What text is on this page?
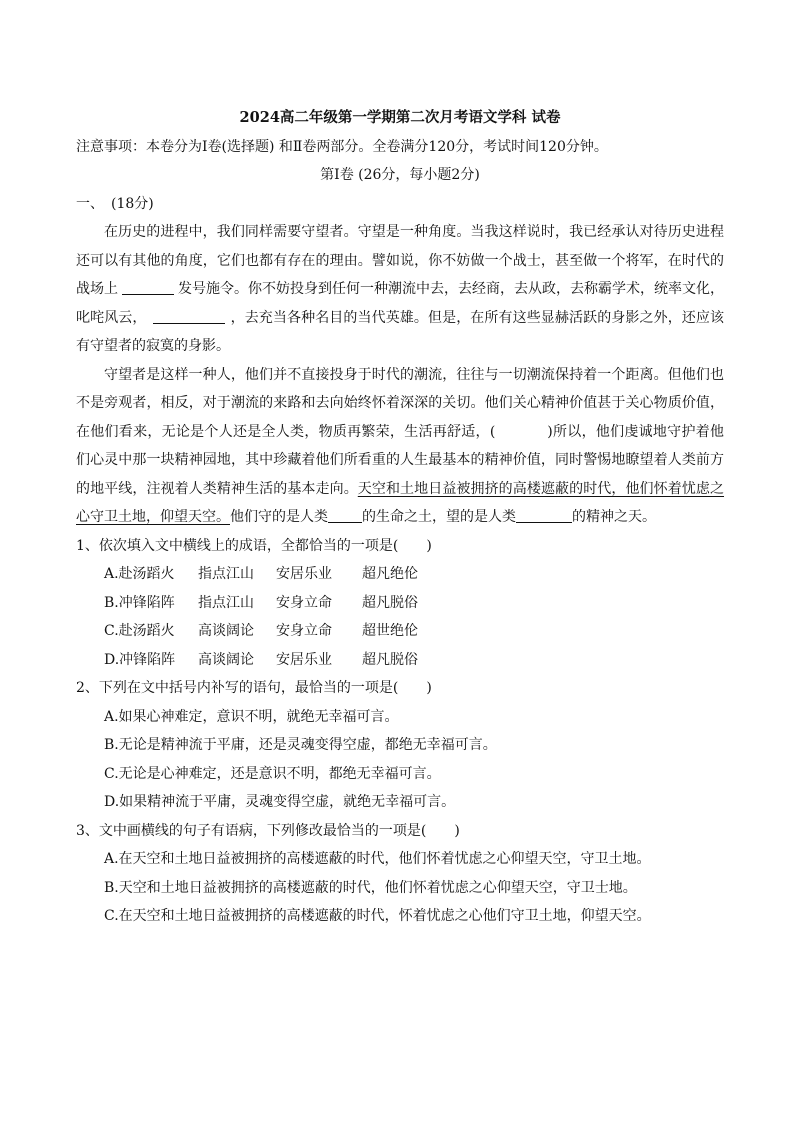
2024高二年级第一学期第二次月考语文学科 试卷

注意事项：本卷分为Ⅰ卷(选择题) 和Ⅱ卷两部分。全卷满分120分，考试时间120分钟。

第Ⅰ卷 (26分，每小题2分)

一、　(18分)

在历史的进程中，我们同样需要守望者。守望是一种角度。当我这样说时，我已经承认对待历史进程还可以有其他的角度，它们也都有存在的理由。譬如说，你不妨做一个战士，甚至做一个将军，在时代的战场上	发号施令。你不妨投身到任何一种潮流中去，去经商，去从政，去称霸学术，统率文化，叱咤风云，	，去充当各种名目的当代英雄。但是，在所有这些显赫活跃的身影之外，还应该有守望者的寂寞的身影。

守望者是这样一种人，他们并不直接投身于时代的潮流，往往与一切潮流保持着一个距离。但他们也不是旁观者，相反，对于潮流的来路和去向始终怀着深深的关切。他们关心精神价值甚于关心物质价值，在他们看来，无论是个人还是全人类，物质再繁荣，生活再舒适，(	)所以，他们虔诚地守护着他们心灵中那一块精神园地，其中珍藏着他们所看重的人生最基本的精神价值，同时警惕地瞭望着人类前方的地平线，注视着人类精神生活的基本走向。天空和土地日益被拥挤的高楼遮蔽的时代，他们怀着忧虑之心守卫土地，仰望天空。他们守的是人类 的生命之土，望的是人类	的精神之天。

1、依次填入文中横线上的成语，全都恰当的一项是(　　)

A.赴汤蹈火 指点江山 安居乐业 超凡绝伦

B.冲锋陷阵 指点江山 安身立命 超凡脱俗

C.赴汤蹈火 高谈阔论 安身立命 超世绝伦

D.冲锋陷阵 高谈阔论 安居乐业 超凡脱俗

2、下列在文中括号内补写的语句，最恰当的一项是(　　)

A.如果心神难定，意识不明，就绝无幸福可言。

B.无论是精神流于平庸，还是灵魂变得空虚，都绝无幸福可言。

C.无论是心神难定，还是意识不明，都绝无幸福可言。

D.如果精神流于平庸，灵魂变得空虚，就绝无幸福可言。

3、文中画横线的句子有语病，下列修改最恰当的一项是(　　)

A.在天空和土地日益被拥挤的高楼遮蔽的时代，他们怀着忧虑之心仰望天空，守卫土地。

B.天空和土地日益被拥挤的高楼遮蔽的时代，他们怀着忧虑之心仰望天空，守卫士地。

C.在天空和土地日益被拥挤的高楼遮蔽的时代，怀着忧虑之心他们守卫土地，仰望天空。
